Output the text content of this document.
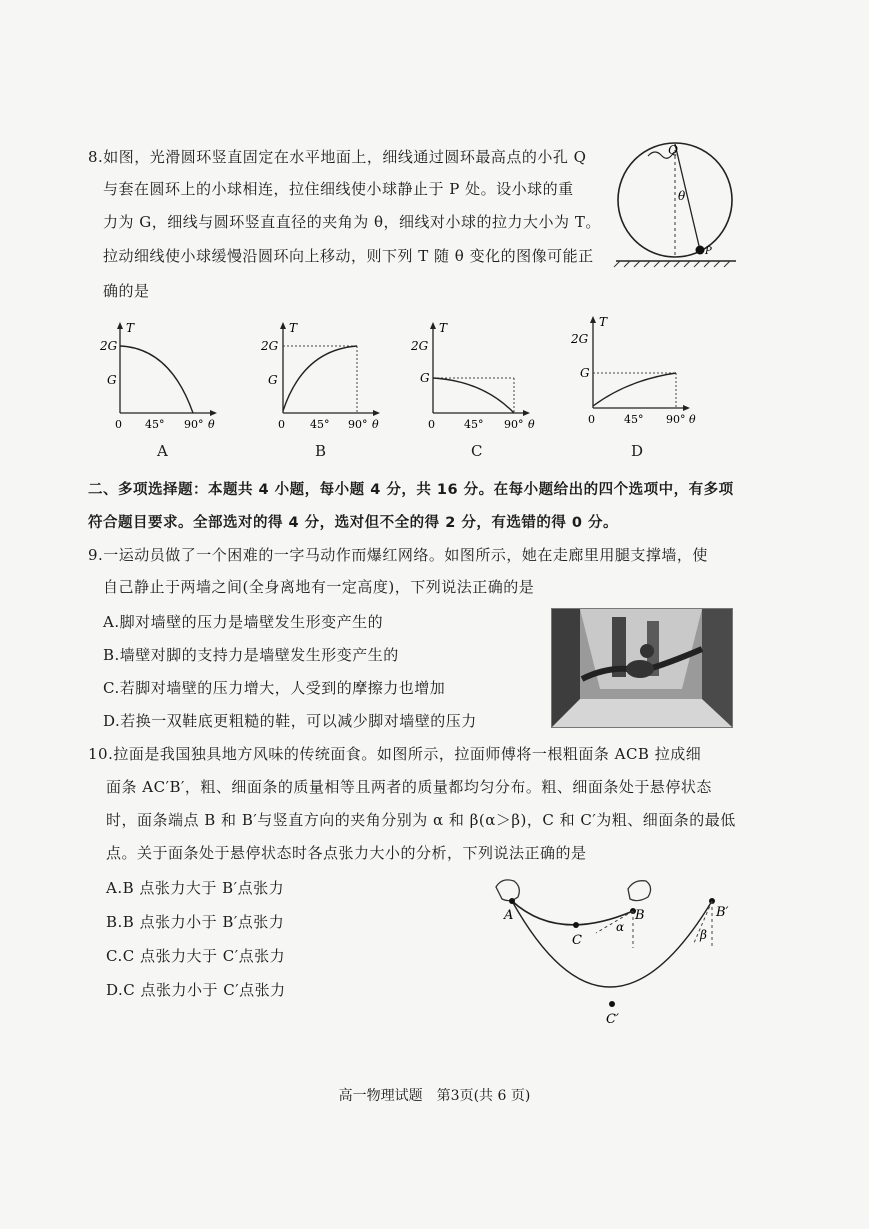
8.如图，光滑圆环竖直固定在水平地面上，细线通过圆环最高点的小孔 Q
与套在圆环上的小球相连，拉住细线使小球静止于 P 处。设小球的重
力为 G，细线与圆环竖直直径的夹角为 θ，细线对小球的拉力大小为 T。
拉动细线使小球缓慢沿圆环向上移动，则下列 T 随 θ 变化的图像可能正
确的是
Q
P
θ
T
2G
G
0 45° 90° θ
A
T
2G
G
0 45° 90° θ
B
T
2G
G
0	45° 90° θ
C
T
2G
G
0	45° 90° θ
D
二、多项选择题：本题共 4 小题，每小题 4 分，共 16 分。在每小题给出的四个选项中，有多项
符合题目要求。全部选对的得 4 分，选对但不全的得 2 分，有选错的得 0 分。
9.一运动员做了一个困难的一字马动作而爆红网络。如图所示，她在走廊里用腿支撑墙，使
自己静止于两墙之间(全身离地有一定高度)，下列说法正确的是
A.脚对墙壁的压力是墙壁发生形变产生的
B.墙壁对脚的支持力是墙壁发生形变产生的
C.若脚对墙壁的压力增大，人受到的摩擦力也增加
D.若换一双鞋底更粗糙的鞋，可以减少脚对墙壁的压力
10.拉面是我国独具地方风味的传统面食。如图所示，拉面师傅将一根粗面条 ACB 拉成细
面条 AC′B′，粗、细面条的质量相等且两者的质量都均匀分布。粗、细面条处于悬停状态
时，面条端点 B 和 B′与竖直方向的夹角分别为 α 和 β(α＞β)，C 和 C′为粗、细面条的最低
点。关于面条处于悬停状态时各点张力大小的分析，下列说法正确的是
A.B 点张力大于 B′点张力
B.B 点张力小于 B′点张力
C.C 点张力大于 C′点张力
D.C 点张力小于 C′点张力
A
C
B	B′
C′
α
β
高一物理试题　第3页(共 6 页)
